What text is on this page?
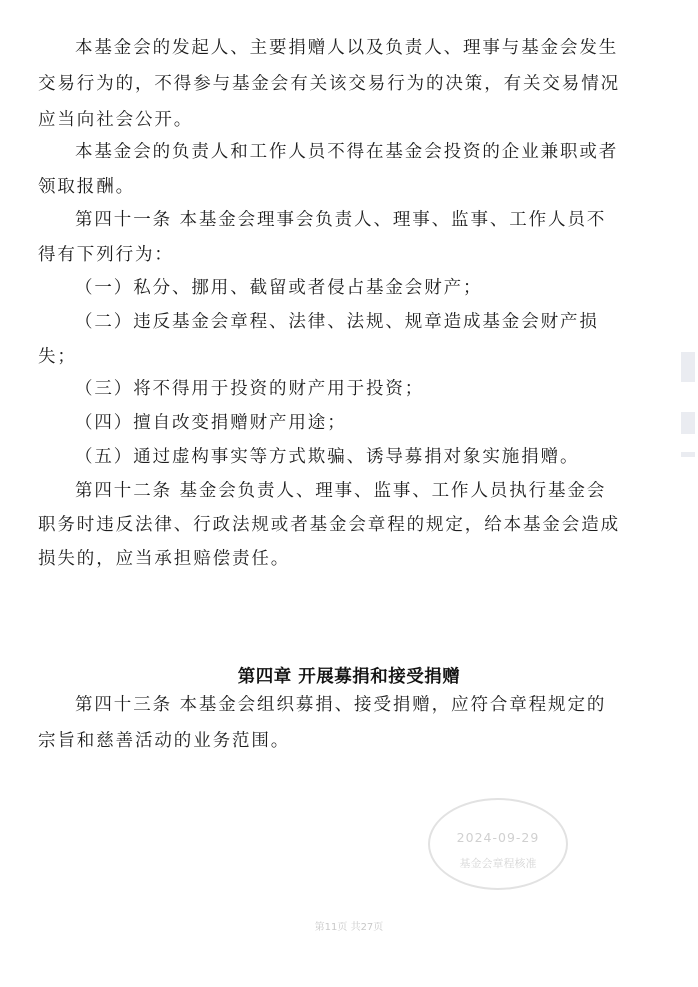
本基金会的发起人、主要捐赠人以及负责人、理事与基金会发生
交易行为的，不得参与基金会有关该交易行为的决策，有关交易情况
应当向社会公开。
本基金会的负责人和工作人员不得在基金会投资的企业兼职或者
领取报酬。
第四十一条 本基金会理事会负责人、理事、监事、工作人员不
得有下列行为：
（一）私分、挪用、截留或者侵占基金会财产；
（二）违反基金会章程、法律、法规、规章造成基金会财产损
失；
（三）将不得用于投资的财产用于投资；
（四）擅自改变捐赠财产用途；
（五）通过虚构事实等方式欺骗、诱导募捐对象实施捐赠。
第四十二条 基金会负责人、理事、监事、工作人员执行基金会
职务时违反法律、行政法规或者基金会章程的规定，给本基金会造成
损失的，应当承担赔偿责任。
第四章 开展募捐和接受捐赠
第四十三条 本基金会组织募捐、接受捐赠，应符合章程规定的
宗旨和慈善活动的业务范围。
2024-09-29
基金会章程核准
第11页 共27页
